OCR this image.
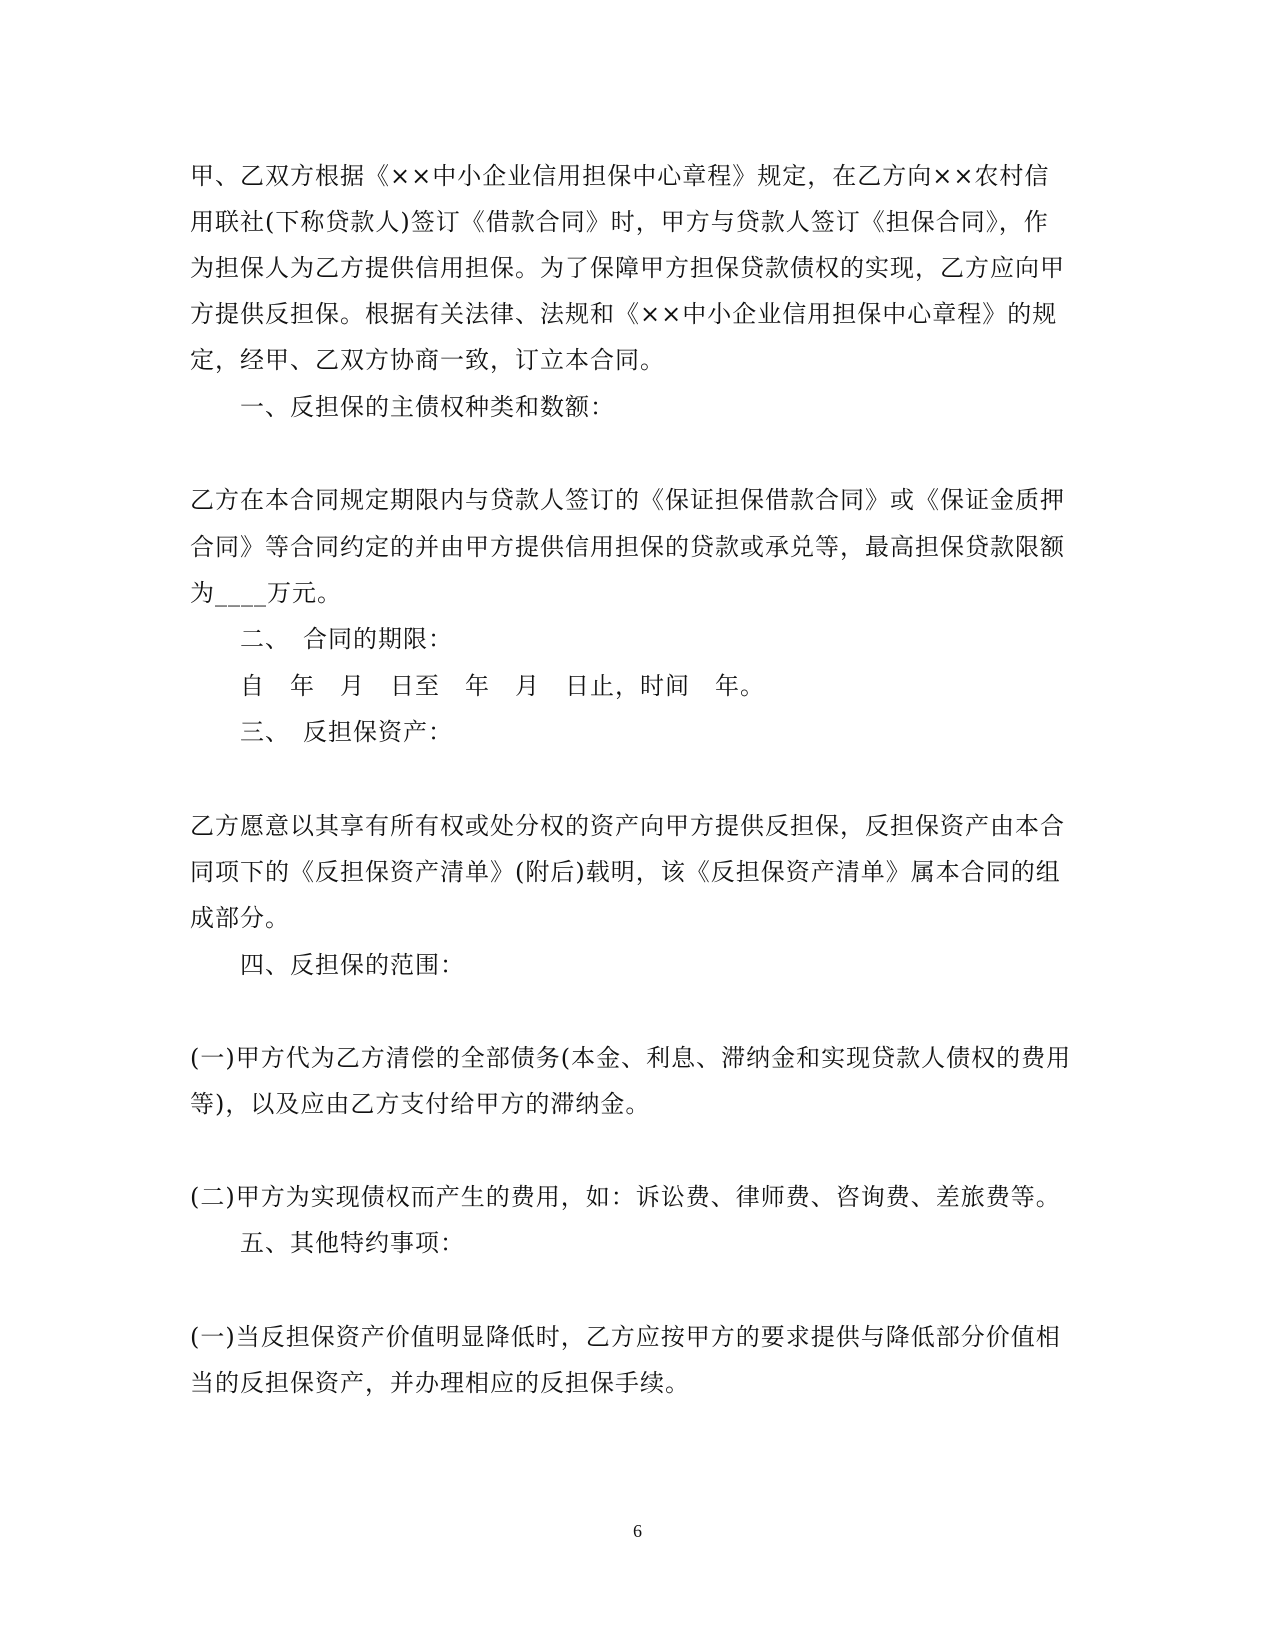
甲、乙双方根据《××中小企业信用担保中心章程》规定，在乙方向××农村信
用联社(下称贷款人)签订《借款合同》时，甲方与贷款人签订《担保合同》，作
为担保人为乙方提供信用担保。为了保障甲方担保贷款债权的实现，乙方应向甲
方提供反担保。根据有关法律、法规和《××中小企业信用担保中心章程》的规
定，经甲、乙双方协商一致，订立本合同。
一、反担保的主债权种类和数额：
乙方在本合同规定期限内与贷款人签订的《保证担保借款合同》或《保证金质押
合同》等合同约定的并由甲方提供信用担保的贷款或承兑等，最高担保贷款限额
为____万元。
二、　合同的期限：
自　年　月　日至　年　月　日止，时间　年。
三、　反担保资产：
乙方愿意以其享有所有权或处分权的资产向甲方提供反担保，反担保资产由本合
同项下的《反担保资产清单》(附后)载明，该《反担保资产清单》属本合同的组
成部分。
四、反担保的范围：
(一)甲方代为乙方清偿的全部债务(本金、利息、滞纳金和实现贷款人债权的费用
等)，以及应由乙方支付给甲方的滞纳金。
(二)甲方为实现债权而产生的费用，如：诉讼费、律师费、咨询费、差旅费等。
五、其他特约事项：
(一)当反担保资产价值明显降低时，乙方应按甲方的要求提供与降低部分价值相
当的反担保资产，并办理相应的反担保手续。
6
